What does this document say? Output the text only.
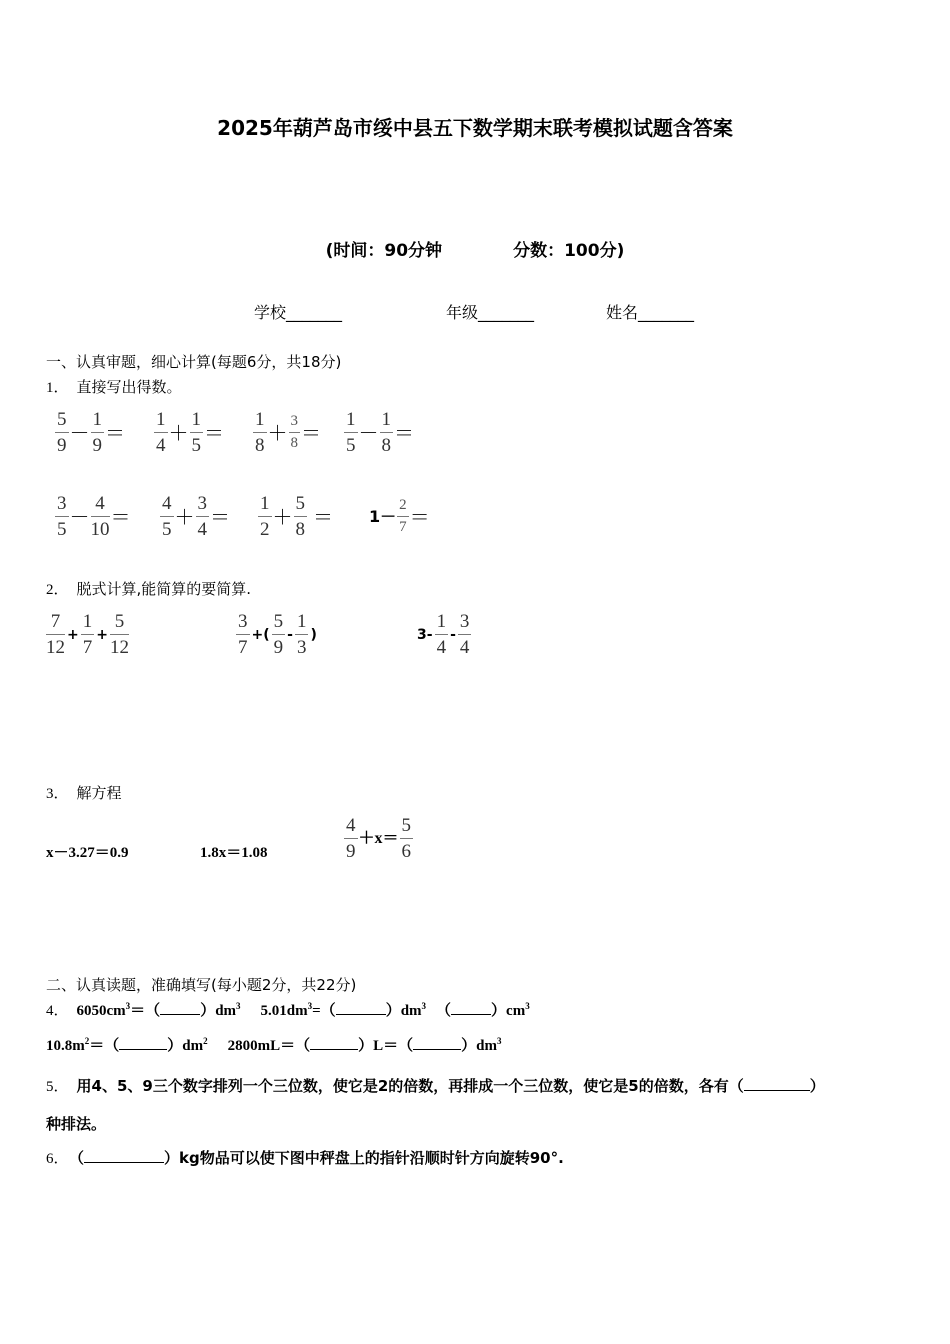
2025年葫芦岛市绥中县五下数学期末联考模拟试题含答案
(时间：90分钟	分数：100分)
学校_______	年级_______	姓名_______
一、认真审题，细心计算(每题6分，共18分)
1． 直接写出得数。
$\frac{5}{9} - \frac{1}{9} = \frac{1}{4} + \frac{1}{5} = \frac{1}{8} + \frac{3}{8} = \frac{1}{5} - \frac{1}{8}$ ＝
$\frac{3}{5} - \frac{4}{10} = \frac{4}{5} + \frac{3}{4} = \frac{1}{2} + \frac{5}{8} = 1- \frac{2}{7}$ ＝
2． 脱式计算,能简算的要简算.
$\frac{7}{12} + \frac{1}{7} + \frac{5}{12}$	$\frac{3}{7}$ +( $\frac{5}{9} - \frac{1}{3}$ )	$3- \frac{1}{4} - \frac{3}{4}$
3． 解方程
x－3.27＝0.9	1.8x＝1.08	$\frac{4}{9} +x= \frac{5}{6}$
二、认真读题，准确填写(每小题2分，共22分)
4． $6050cm^3=$（	）$dm^3$ $5.01dm^3=$（	）$dm^3$ （	）$cm^3$
$10.8m^2=$（	）$dm^2$ 2800mL＝（	）L＝（	）$dm^3$
5． 用4、5、9三个数字排列一个三位数，使它是2的倍数，再排成一个三位数，使它是5的倍数，各有（	）
种排法。
6． （	）kg物品可以使下图中秤盘上的指针沿顺时针方向旋转90°.
